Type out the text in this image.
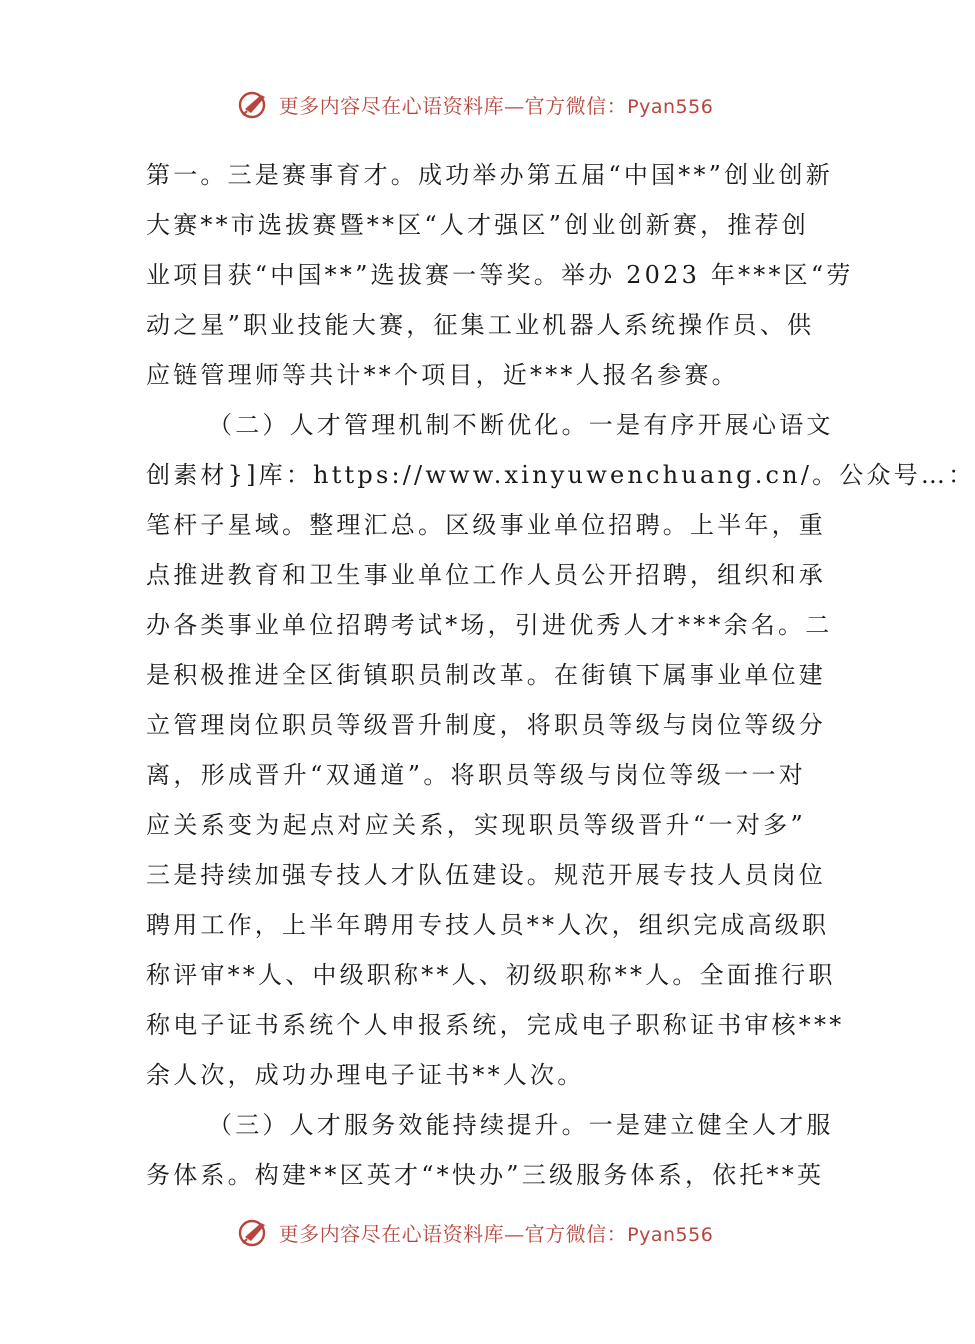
更多内容尽在心语资料库—官方微信：Pyan556
第一。三是赛事育才。成功举办第五届“中国**”创业创新
大赛**市选拔赛暨**区“人才强区”创业创新赛，推荐创
业项目获“中国**”选拔赛一等奖。举办 2023 年***区“劳
动之星”职业技能大赛，征集工业机器人系统操作员、供
应链管理师等共计**个项目，近***人报名参赛。
（二）人才管理机制不断优化。一是有序开展心语文
创素材}]库：https://www.xinyuwenchuang.cn/。公众号…：
笔杆子星域。整理汇总。区级事业单位招聘。上半年，重
点推进教育和卫生事业单位工作人员公开招聘，组织和承
办各类事业单位招聘考试*场，引进优秀人才***余名。二
是积极推进全区街镇职员制改革。在街镇下属事业单位建
立管理岗位职员等级晋升制度，将职员等级与岗位等级分
离，形成晋升“双通道”。将职员等级与岗位等级一一对
应关系变为起点对应关系，实现职员等级晋升“一对多”
三是持续加强专技人才队伍建设。规范开展专技人员岗位
聘用工作，上半年聘用专技人员**人次，组织完成高级职
称评审**人、中级职称**人、初级职称**人。全面推行职
称电子证书系统个人申报系统，完成电子职称证书审核***
余人次，成功办理电子证书**人次。
（三）人才服务效能持续提升。一是建立健全人才服
务体系。构建**区英才“*快办”三级服务体系，依托**英
更多内容尽在心语资料库—官方微信：Pyan556
